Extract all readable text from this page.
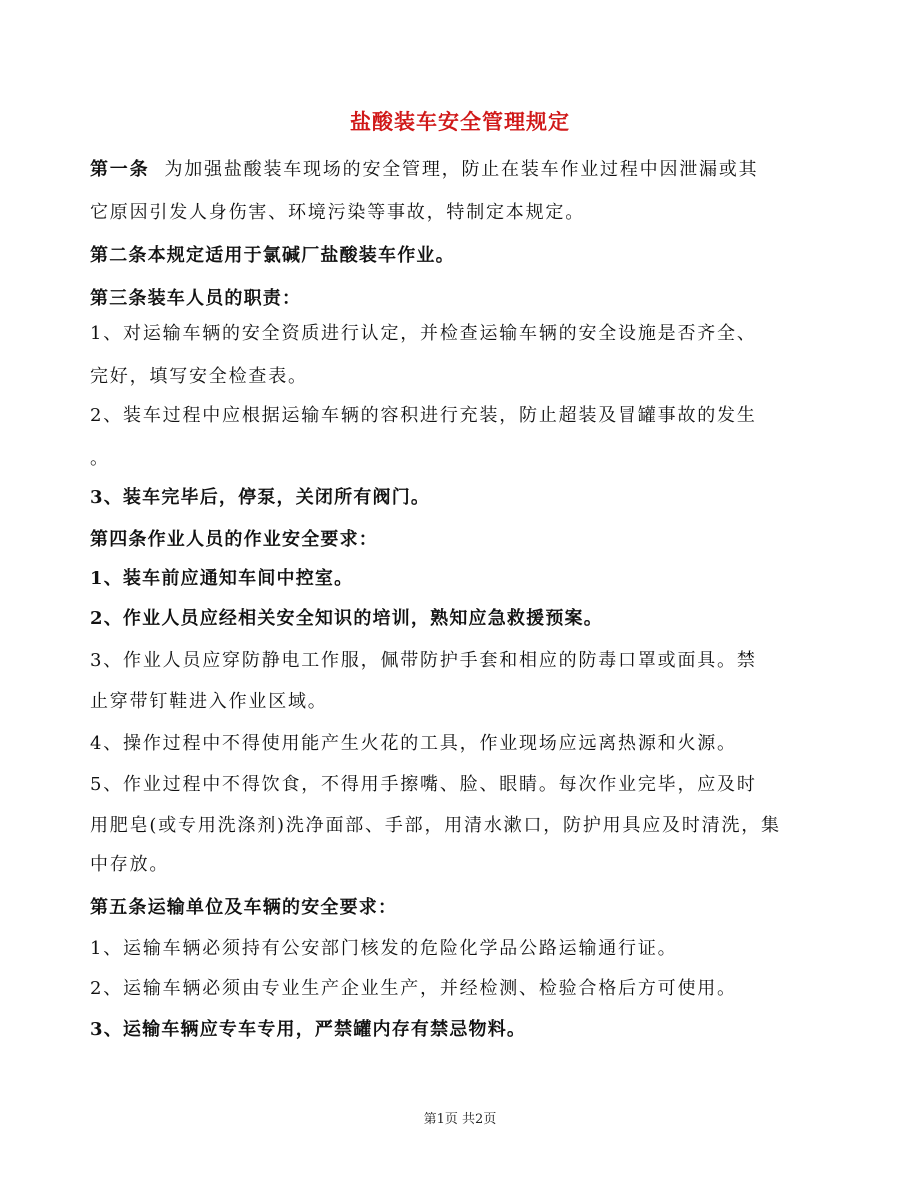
盐酸装车安全管理规定

第一条 为加强盐酸装车现场的安全管理，防止在装车作业过程中因泄漏或其

它原因引发人身伤害、环境污染等事故，特制定本规定。

第二条本规定适用于氯碱厂盐酸装车作业。

第三条装车人员的职责：

1、对运输车辆的安全资质进行认定，并检查运输车辆的安全设施是否齐全、

完好，填写安全检查表。

2、装车过程中应根据运输车辆的容积进行充装，防止超装及冒罐事故的发生

。

3、装车完毕后，停泵，关闭所有阀门。

第四条作业人员的作业安全要求：

1、装车前应通知车间中控室。

2、作业人员应经相关安全知识的培训，熟知应急救援预案。

3、作业人员应穿防静电工作服，佩带防护手套和相应的防毒口罩或面具。禁

止穿带钉鞋进入作业区域。

4、操作过程中不得使用能产生火花的工具，作业现场应远离热源和火源。

5、作业过程中不得饮食，不得用手擦嘴、脸、眼睛。每次作业完毕，应及时

用肥皂(或专用洗涤剂)洗净面部、手部，用清水漱口，防护用具应及时清洗，集

中存放。

第五条运输单位及车辆的安全要求：

1、运输车辆必须持有公安部门核发的危险化学品公路运输通行证。

2、运输车辆必须由专业生产企业生产，并经检测、检验合格后方可使用。

3、运输车辆应专车专用，严禁罐内存有禁忌物料。

第1页 共2页
